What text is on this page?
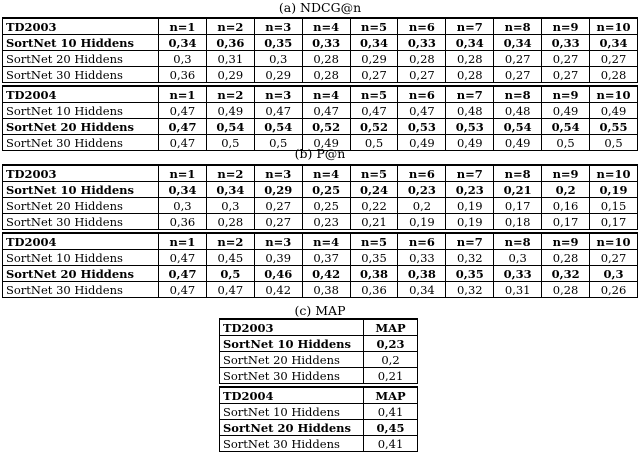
(a) NDCG@n
TD2003	n=1	n=2	n=3	n=4	n=5	n=6	n=7	n=8	n=9	n=10
SortNet 10 Hiddens	0,34	0,36	0,35	0,33	0,34	0,33	0,34	0,34	0,33	0,34
SortNet 20 Hiddens	0,3	0,31	0,3	0,28	0,29	0,28	0,28	0,27	0,27	0,27
SortNet 30 Hiddens	0,36	0,29	0,29	0,28	0,27	0,27	0,28	0,27	0,27	0,28

TD2004	n=1	n=2	n=3	n=4	n=5	n=6	n=7	n=8	n=9	n=10
SortNet 10 Hiddens	0,47	0,49	0,47	0,47	0,47	0,47	0,48	0,48	0,49	0,49
SortNet 20 Hiddens	0,47	0,54	0,54	0,52	0,52	0,53	0,53	0,54	0,54	0,55
SortNet 30 Hiddens	0,47	0,5	0,5	0,49	0,5	0,49	0,49	0,49	0,5	0,5
(b) P@n
TD2003	n=1	n=2	n=3	n=4	n=5	n=6	n=7	n=8	n=9	n=10
SortNet 10 Hiddens	0,34	0,34	0,29	0,25	0,24	0,23	0,23	0,21	0,2	0,19
SortNet 20 Hiddens	0,3	0,3	0,27	0,25	0,22	0,2	0,19	0,17	0,16	0,15
SortNet 30 Hiddens	0,36	0,28	0,27	0,23	0,21	0,19	0,19	0,18	0,17	0,17

TD2004	n=1	n=2	n=3	n=4	n=5	n=6	n=7	n=8	n=9	n=10
SortNet 10 Hiddens	0,47	0,45	0,39	0,37	0,35	0,33	0,32	0,3	0,28	0,27
SortNet 20 Hiddens	0,47	0,5	0,46	0,42	0,38	0,38	0,35	0,33	0,32	0,3
SortNet 30 Hiddens	0,47	0,47	0,42	0,38	0,36	0,34	0,32	0,31	0,28	0,26
(c) MAP
TD2003	MAP
SortNet 10 Hiddens	0,23
SortNet 20 Hiddens	0,2
SortNet 30 Hiddens	0,21

TD2004	MAP
SortNet 10 Hiddens	0,41
SortNet 20 Hiddens	0,45
SortNet 30 Hiddens	0,41
